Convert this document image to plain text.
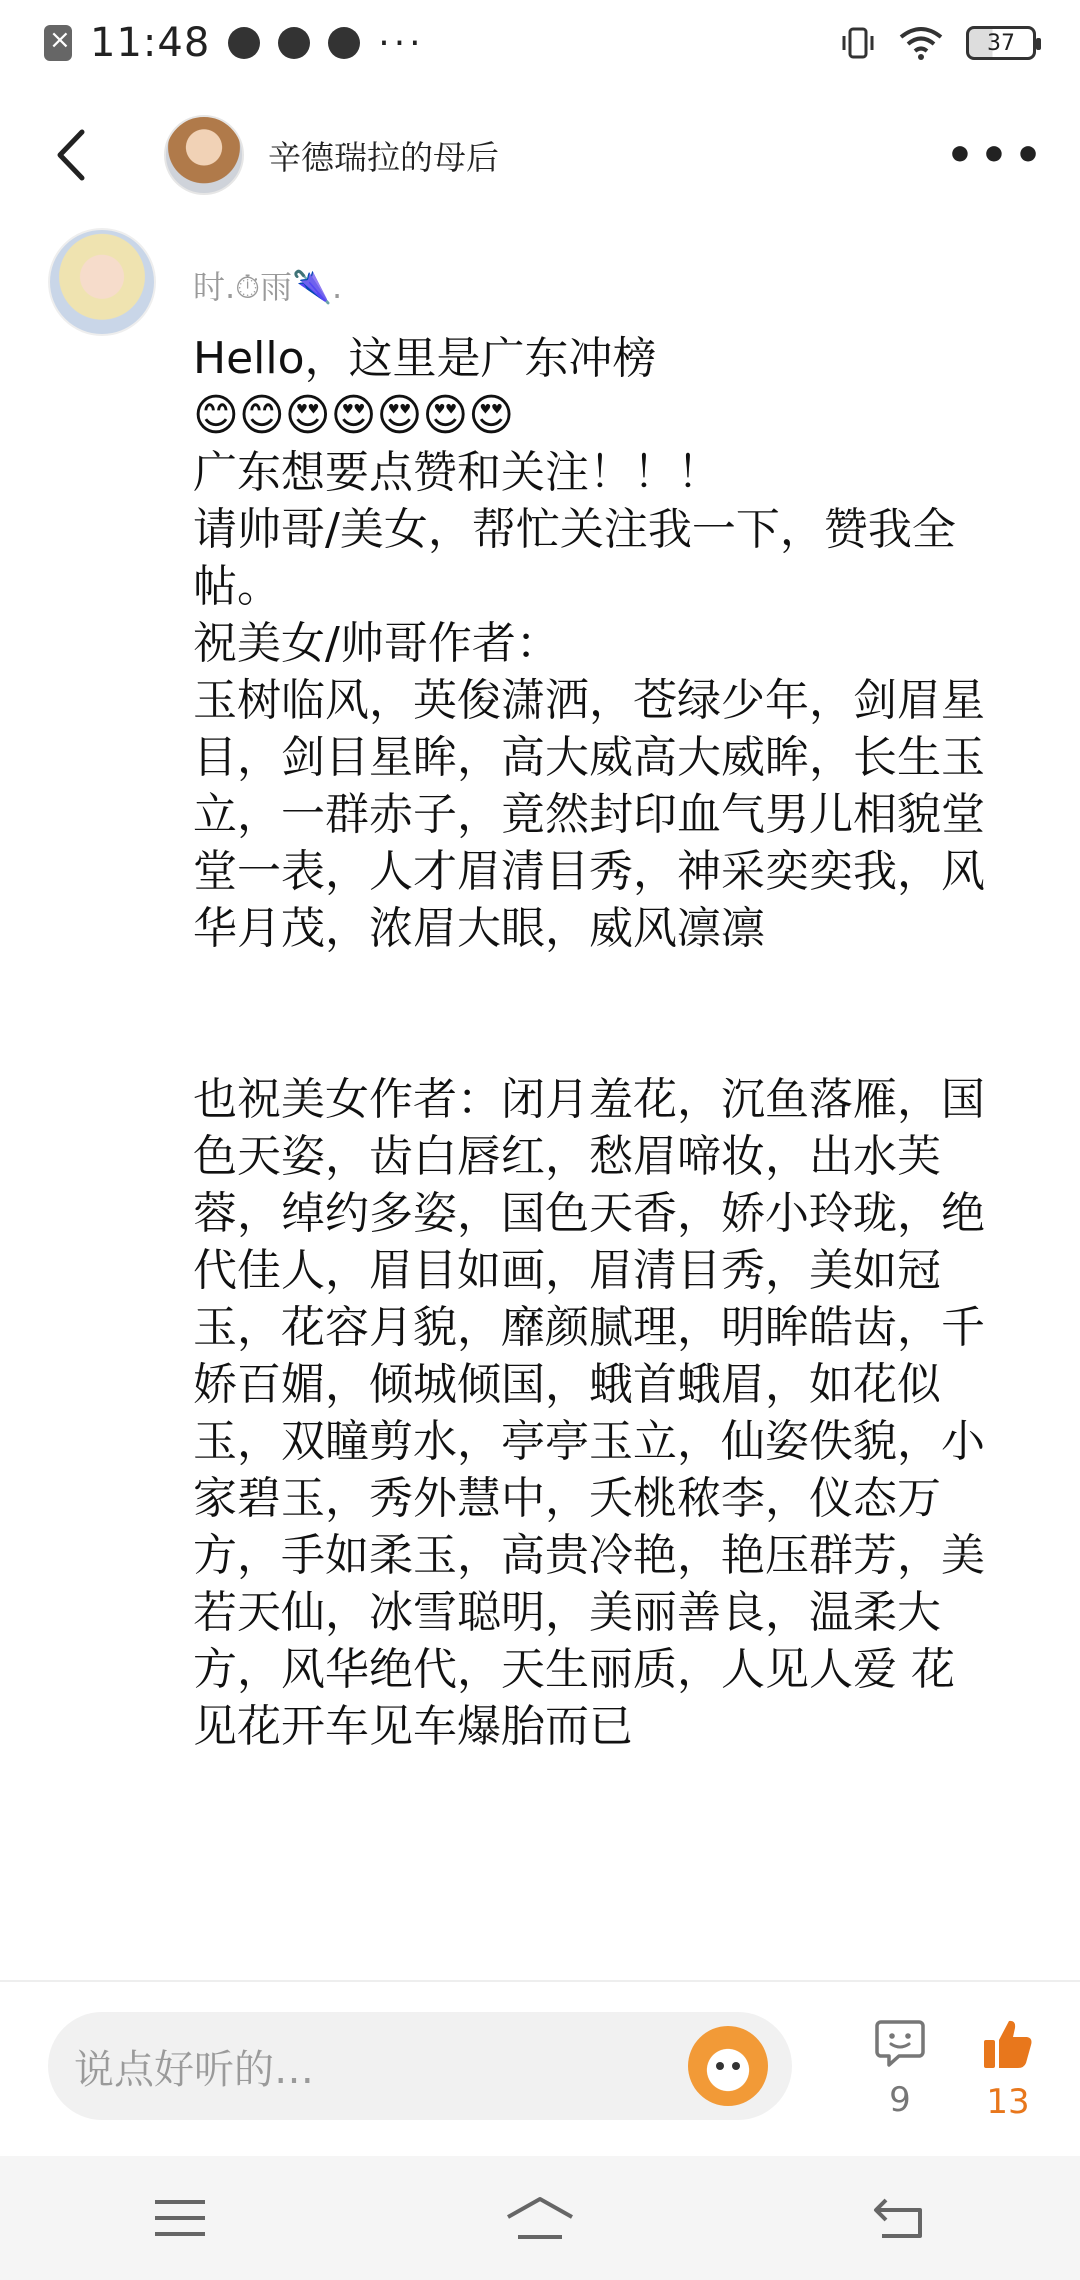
×
11:48	···	37
辛德瑞拉的母后	•••
时.⏱雨🌂.
Hello，这里是广东冲榜
😊😊😍😍😍😍😍
广东想要点赞和关注！！！
请帅哥/美女，帮忙关注我一下，赞我全帖。
祝美女/帅哥作者：
玉树临风，英俊潇洒，苍绿少年，剑眉星目，剑目星眸，高大威高大威眸，长生玉立，一群赤子，竟然封印血气男儿相貌堂堂一表，人才眉清目秀，神采奕奕我，风华月茂，浓眉大眼，威风凛凛

也祝美女作者：闭月羞花，沉鱼落雁，国色天姿，齿白唇红，愁眉啼妆，出水芙蓉，绰约多姿，国色天香，娇小玲珑，绝代佳人，眉目如画，眉清目秀，美如冠玉，花容月貌，靡颜腻理，明眸皓齿，千娇百媚，倾城倾国，蛾首蛾眉，如花似玉，双瞳剪水，亭亭玉立，仙姿佚貌，小家碧玉，秀外慧中，夭桃秾李，仪态万方，手如柔玉，高贵冷艳，艳压群芳，美若天仙，冰雪聪明，美丽善良，温柔大方，风华绝代，天生丽质，人见人爱 花见花开车见车爆胎而已
说点好听的…
9 13
